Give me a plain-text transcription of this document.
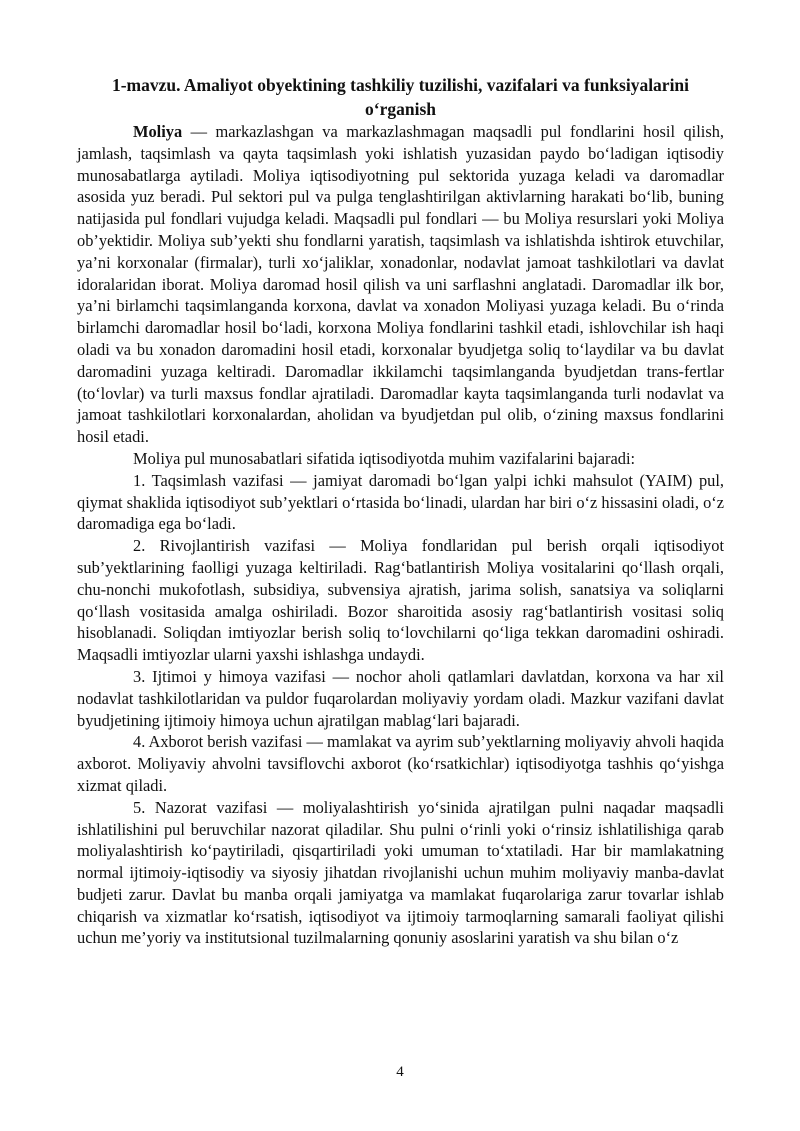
1-mavzu. Amaliyot obyektining tashkiliy tuzilishi, vazifalari va funksiyalarini o‘rganish

Moliya — markazlashgan va markazlashmagan maqsadli pul fondlarini hosil qilish, jamlash, taqsimlash va qayta taqsimlash yoki ishlatish yuzasidan paydo bo‘ladigan iqtisodiy munosabatlarga aytiladi. Moliya iqtisodiyotning pul sektorida yuzaga keladi va daromadlar asosida yuz beradi. Pul sektori pul va pulga tenglashtirilgan aktivlarning harakati bo‘lib, buning natijasida pul fondlari vujudga keladi. Maqsadli pul fondlari — bu Moliya resurslari yoki Moliya ob’yektidir. Moliya sub’yekti shu fondlarni yaratish, taqsimlash va ishlatishda ishtirok etuvchilar, ya’ni korxonalar (firmalar), turli xo‘jaliklar, xonadonlar, nodavlat jamoat tashkilotlari va davlat idoralaridan iborat. Moliya daromad hosil qilish va uni sarflashni anglatadi. Daromadlar ilk bor, ya’ni birlamchi taqsimlanganda korxona, davlat va xonadon Moliyasi yuzaga keladi. Bu o‘rinda birlamchi daromadlar hosil bo‘ladi, korxona Moliya fondlarini tashkil etadi, ishlovchilar ish haqi oladi va bu xonadon daromadini hosil etadi, korxonalar byudjetga soliq to‘laydilar va bu davlat daromadini yuzaga keltiradi. Daromadlar ikkilamchi taqsimlanganda byudjetdan trans-fertlar (to‘lovlar) va turli maxsus fondlar ajratiladi. Daromadlar kayta taqsimlanganda turli nodavlat va jamoat tashkilotlari korxonalardan, aholidan va byudjetdan pul olib, o‘zining maxsus fondlarini hosil etadi.

Moliya pul munosabatlari sifatida iqtisodiyotda muhim vazifalarini bajaradi:

1. Taqsimlash vazifasi — jamiyat daromadi bo‘lgan yalpi ichki mahsulot (YAIM) pul, qiymat shaklida iqtisodiyot sub’yektlari o‘rtasida bo‘linadi, ulardan har biri o‘z hissasini oladi, o‘z daromadiga ega bo‘ladi.

2. Rivojlantirish vazifasi — Moliya fondlaridan pul berish orqali iqtisodiyot sub’yektlarining faolligi yuzaga keltiriladi. Rag‘batlantirish Moliya vositalarini qo‘llash orqali, chu-nonchi mukofotlash, subsidiya, subvensiya ajratish, jarima solish, sanatsiya va soliqlarni qo‘llash vositasida amalga oshiriladi. Bozor sharoitida asosiy rag‘batlantirish vositasi soliq hisoblanadi. Soliqdan imtiyozlar berish soliq to‘lovchilarni qo‘liga tekkan daromadini oshiradi. Maqsadli imtiyozlar ularni yaxshi ishlashga undaydi.

3. Ijtimoi y himoya vazifasi — nochor aholi qatlamlari davlatdan, korxona va har xil nodavlat tashkilotlaridan va puldor fuqarolardan moliyaviy yordam oladi. Mazkur vazifani davlat byudjetining ijtimoiy himoya uchun ajratilgan mablag‘lari bajaradi.

4. Axborot berish vazifasi — mamlakat va ayrim sub’yektlarning moliyaviy ahvoli haqida axborot. Moliyaviy ahvolni tavsiflovchi axborot (ko‘rsatkichlar) iqtisodiyotga tashhis qo‘yishga xizmat qiladi.

5. Nazorat vazifasi — moliyalashtirish yo‘sinida ajratilgan pulni naqadar maqsadli ishlatilishini pul beruvchilar nazorat qiladilar. Shu pulni o‘rinli yoki o‘rinsiz ishlatilishiga qarab moliyalashtirish ko‘paytiriladi, qisqartiriladi yoki umuman to‘xtatiladi. Har bir mamlakatning normal ijtimoiy-iqtisodiy va siyosiy jihatdan rivojlanishi uchun muhim moliyaviy manba-davlat budjeti zarur. Davlat bu manba orqali jamiyatga va mamlakat fuqarolariga zarur tovarlar ishlab chiqarish va xizmatlar ko‘rsatish, iqtisodiyot va ijtimoiy tarmoqlarning samarali faoliyat qilishi uchun me’yoriy va institutsional tuzilmalarning qonuniy asoslarini yaratish va shu bilan o‘z

4
